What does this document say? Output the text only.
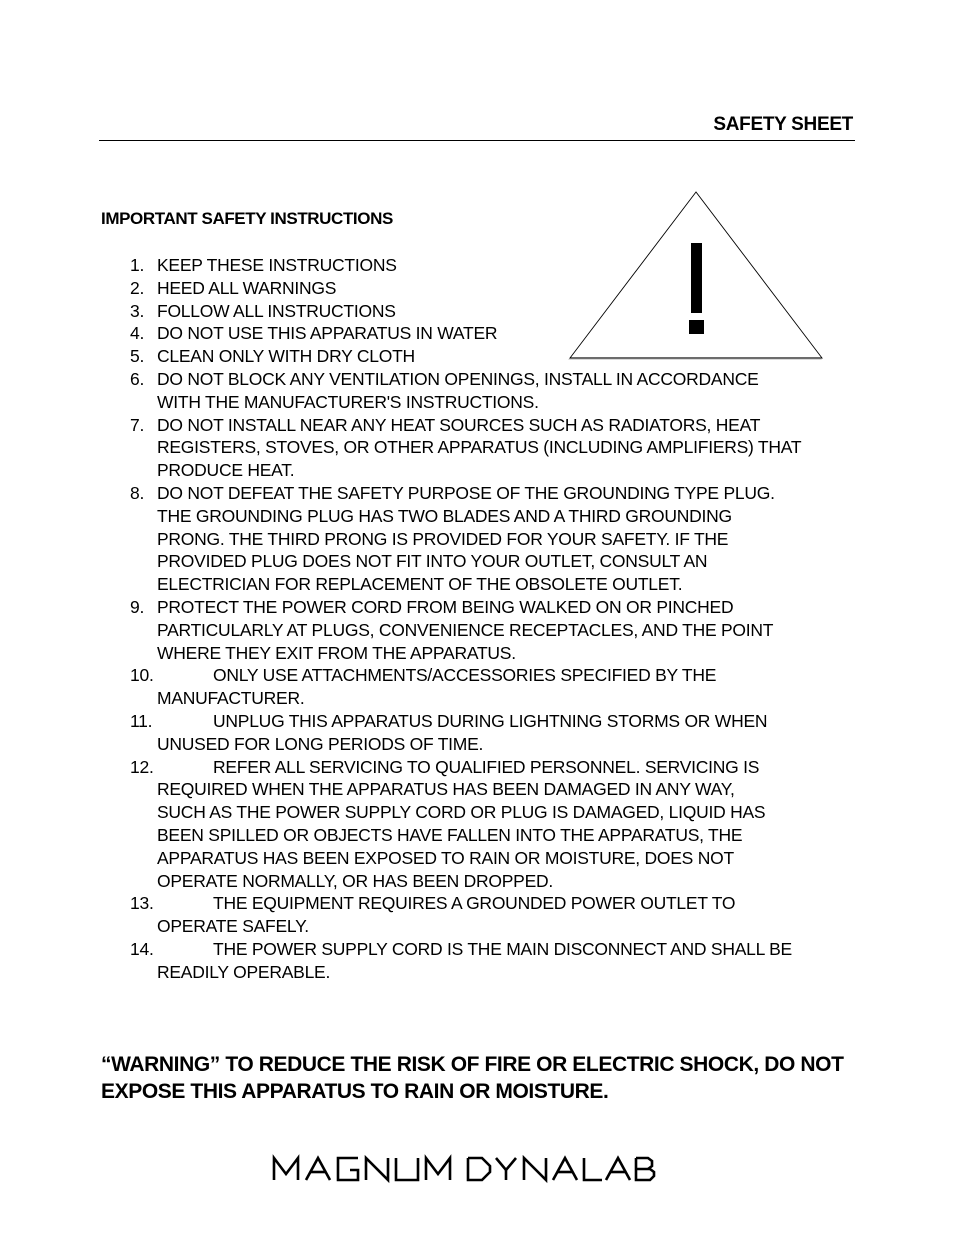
SAFETY SHEET
IMPORTANT SAFETY INSTRUCTIONS
1. KEEP THESE INSTRUCTIONS
2. HEED ALL WARNINGS
3. FOLLOW ALL INSTRUCTIONS
4. DO NOT USE THIS APPARATUS IN WATER
5. CLEAN ONLY WITH DRY CLOTH
6. DO NOT BLOCK ANY VENTILATION OPENINGS, INSTALL IN ACCORDANCE
WITH THE MANUFACTURER'S INSTRUCTIONS.
7. DO NOT INSTALL NEAR ANY HEAT SOURCES SUCH AS RADIATORS, HEAT
REGISTERS, STOVES, OR OTHER APPARATUS (INCLUDING AMPLIFIERS) THAT
PRODUCE HEAT.
8. DO NOT DEFEAT THE SAFETY PURPOSE OF THE GROUNDING TYPE PLUG.
THE GROUNDING PLUG HAS TWO BLADES AND A THIRD GROUNDING
PRONG. THE THIRD PRONG IS PROVIDED FOR YOUR SAFETY. IF THE
PROVIDED PLUG DOES NOT FIT INTO YOUR OUTLET, CONSULT AN
ELECTRICIAN FOR REPLACEMENT OF THE OBSOLETE OUTLET.
9. PROTECT THE POWER CORD FROM BEING WALKED ON OR PINCHED
PARTICULARLY AT PLUGS, CONVENIENCE RECEPTACLES, AND THE POINT
WHERE THEY EXIT FROM THE APPARATUS.
10.	ONLY USE ATTACHMENTS/ACCESSORIES SPECIFIED BY THE
MANUFACTURER.
11.	UNPLUG THIS APPARATUS DURING LIGHTNING STORMS OR WHEN
UNUSED FOR LONG PERIODS OF TIME.
12.	REFER ALL SERVICING TO QUALIFIED PERSONNEL. SERVICING IS
REQUIRED WHEN THE APPARATUS HAS BEEN DAMAGED IN ANY WAY,
SUCH AS THE POWER SUPPLY CORD OR PLUG IS DAMAGED, LIQUID HAS
BEEN SPILLED OR OBJECTS HAVE FALLEN INTO THE APPARATUS, THE
APPARATUS HAS BEEN EXPOSED TO RAIN OR MOISTURE, DOES NOT
OPERATE NORMALLY, OR HAS BEEN DROPPED.
13.	THE EQUIPMENT REQUIRES A GROUNDED POWER OUTLET TO
OPERATE SAFELY.
14.	THE POWER SUPPLY CORD IS THE MAIN DISCONNECT AND SHALL BE
READILY OPERABLE.
“WARNING” TO REDUCE THE RISK OF FIRE OR ELECTRIC SHOCK, DO NOT EXPOSE THIS APPARATUS TO RAIN OR MOISTURE.
